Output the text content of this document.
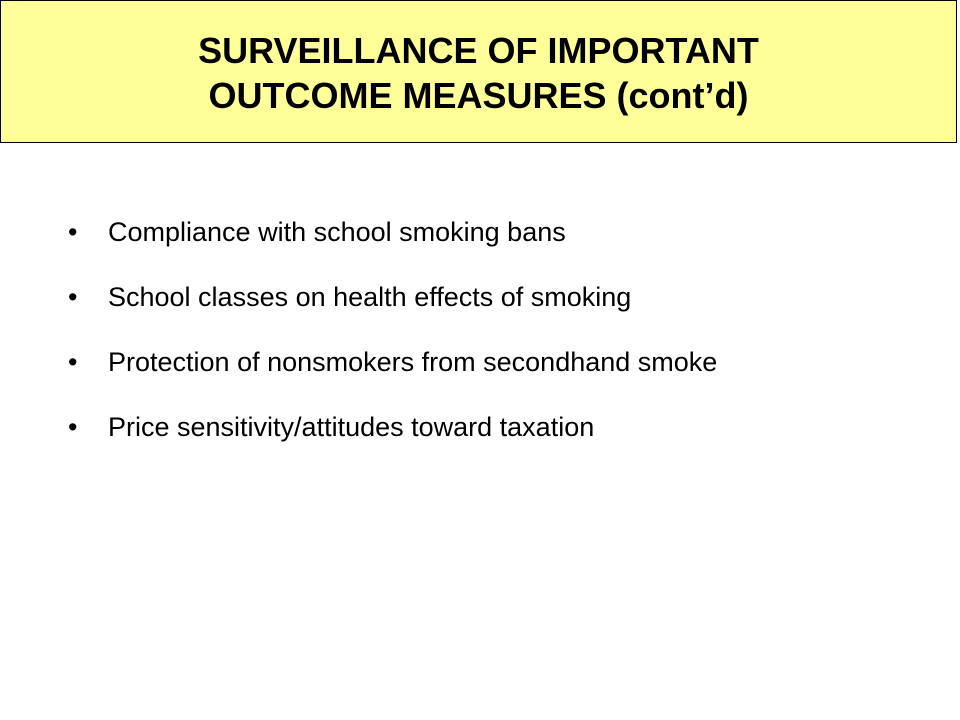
SURVEILLANCE OF IMPORTANT
OUTCOME MEASURES (cont’d)
• Compliance with school smoking bans
• School classes on health effects of smoking
• Protection of nonsmokers from secondhand smoke
• Price sensitivity/attitudes toward taxation
